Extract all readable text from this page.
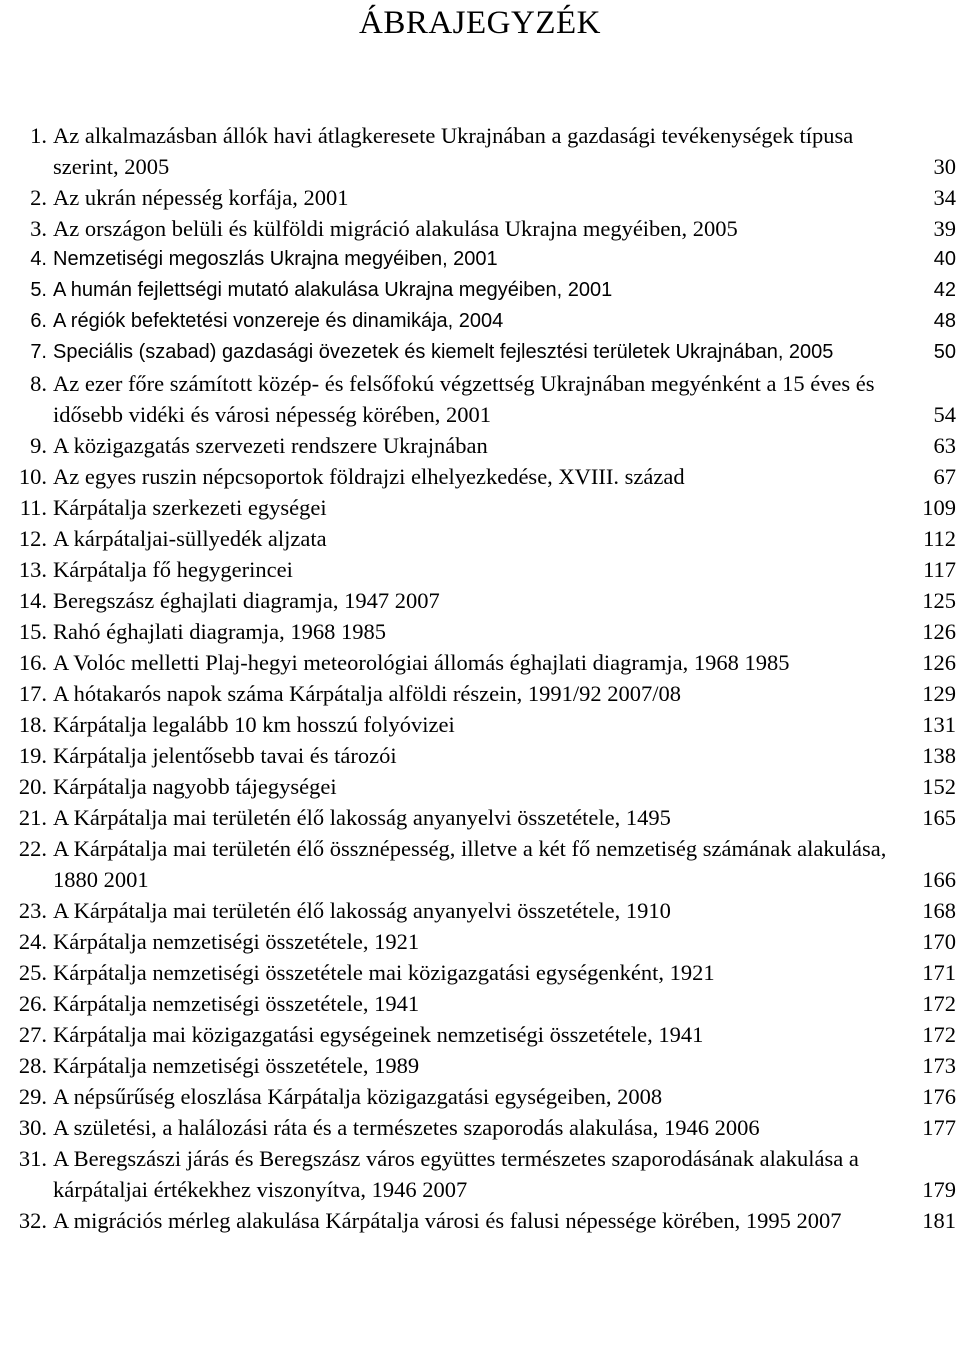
ÁBRAJEGYZÉK
1. Az alkalmazásban állók havi átlagkeresete Ukrajnában a gazdasági tevékenységek típusa szerint, 2005	30
2. Az ukrán népesség korfája, 2001	34
3. Az országon belüli és külföldi migráció alakulása Ukrajna megyéiben, 2005	39
4. Nemzetiségi megoszlás Ukrajna megyéiben, 2001	40
5. A humán fejlettségi mutató alakulása Ukrajna megyéiben, 2001	42
6. A régiók befektetési vonzereje és dinamikája, 2004	48
7. Speciális (szabad) gazdasági övezetek és kiemelt fejlesztési területek Ukrajnában, 2005	50
8. Az ezer főre számított közép- és felsőfokú végzettség Ukrajnában megyénként a 15 éves és idősebb vidéki és városi népesség körében, 2001	54
9. A közigazgatás szervezeti rendszere Ukrajnában	63
10. Az egyes ruszin népcsoportok földrajzi elhelyezkedése, XVIII. század	67
11. Kárpátalja szerkezeti egységei	109
12. A kárpátaljai-süllyedék aljzata	112
13. Kárpátalja fő hegygerincei	117
14. Beregszász éghajlati diagramja, 1947 2007	125
15. Rahó éghajlati diagramja, 1968 1985	126
16. A Volóc melletti Plaj-hegyi meteorológiai állomás éghajlati diagramja, 1968 1985	126
17. A hótakarós napok száma Kárpátalja alföldi részein, 1991/92 2007/08	129
18. Kárpátalja legalább 10 km hosszú folyóvizei	131
19. Kárpátalja jelentősebb tavai és tározói	138
20. Kárpátalja nagyobb tájegységei	152
21. A Kárpátalja mai területén élő lakosság anyanyelvi összetétele, 1495	165
22. A Kárpátalja mai területén élő össznépesség, illetve a két fő nemzetiség számának alakulása, 1880 2001	166
23. A Kárpátalja mai területén élő lakosság anyanyelvi összetétele, 1910	168
24. Kárpátalja nemzetiségi összetétele, 1921	170
25. Kárpátalja nemzetiségi összetétele mai közigazgatási egységenként, 1921	171
26. Kárpátalja nemzetiségi összetétele, 1941	172
27. Kárpátalja mai közigazgatási egységeinek nemzetiségi összetétele, 1941	172
28. Kárpátalja nemzetiségi összetétele, 1989	173
29. A népsűrűség eloszlása Kárpátalja közigazgatási egységeiben, 2008	176
30. A születési, a halálozási ráta és a természetes szaporodás alakulása, 1946 2006	177
31. A Beregszászi járás és Beregszász város együttes természetes szaporodásának alakulása a kárpátaljai értékekhez viszonyítva, 1946 2007	179
32. A migrációs mérleg alakulása Kárpátalja városi és falusi népessége körében, 1995 2007	181
